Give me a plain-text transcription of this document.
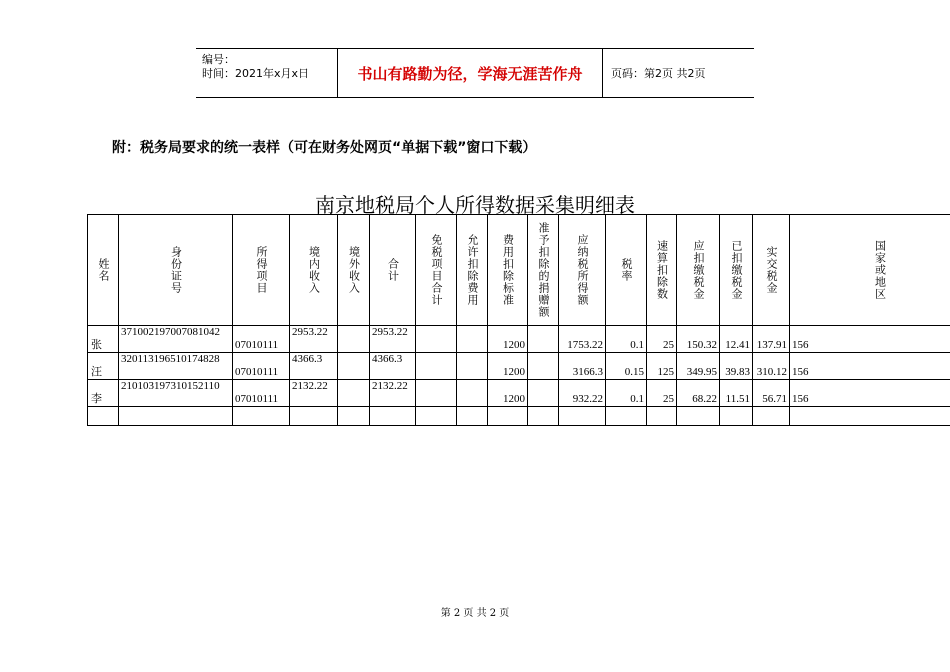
编号：
时间：2021年x月x日	书山有路勤为径，学海无涯苦作舟	页码：第2页 共2页
附：税务局要求的统一表样（可在财务处网页“单据下载”窗口下载）
南京地税局个人所得数据采集明细表
姓名	身份证号	所得项目	境内收入	境外收入	合计	免税项目合计	允许扣除费用	费用扣除标准	准予扣除的捐赠额	应纳税所得额	税率	速算扣除数	应扣缴税金	已扣缴税金	实交税金	国家或地区

张	371002197007081042	07010111	2953.22		2953.22			1200		1753.22	0.1	25	150.32	12.41	137.91	156
汪	320113196510174828	07010111	4366.3		4366.3			1200		3166.3	0.15	125	349.95	39.83	310.12	156
李	210103197310152110	07010111	2132.22		2132.22			1200		932.22	0.1	25	68.22	11.51	56.71	156

第 2 页 共 2 页
